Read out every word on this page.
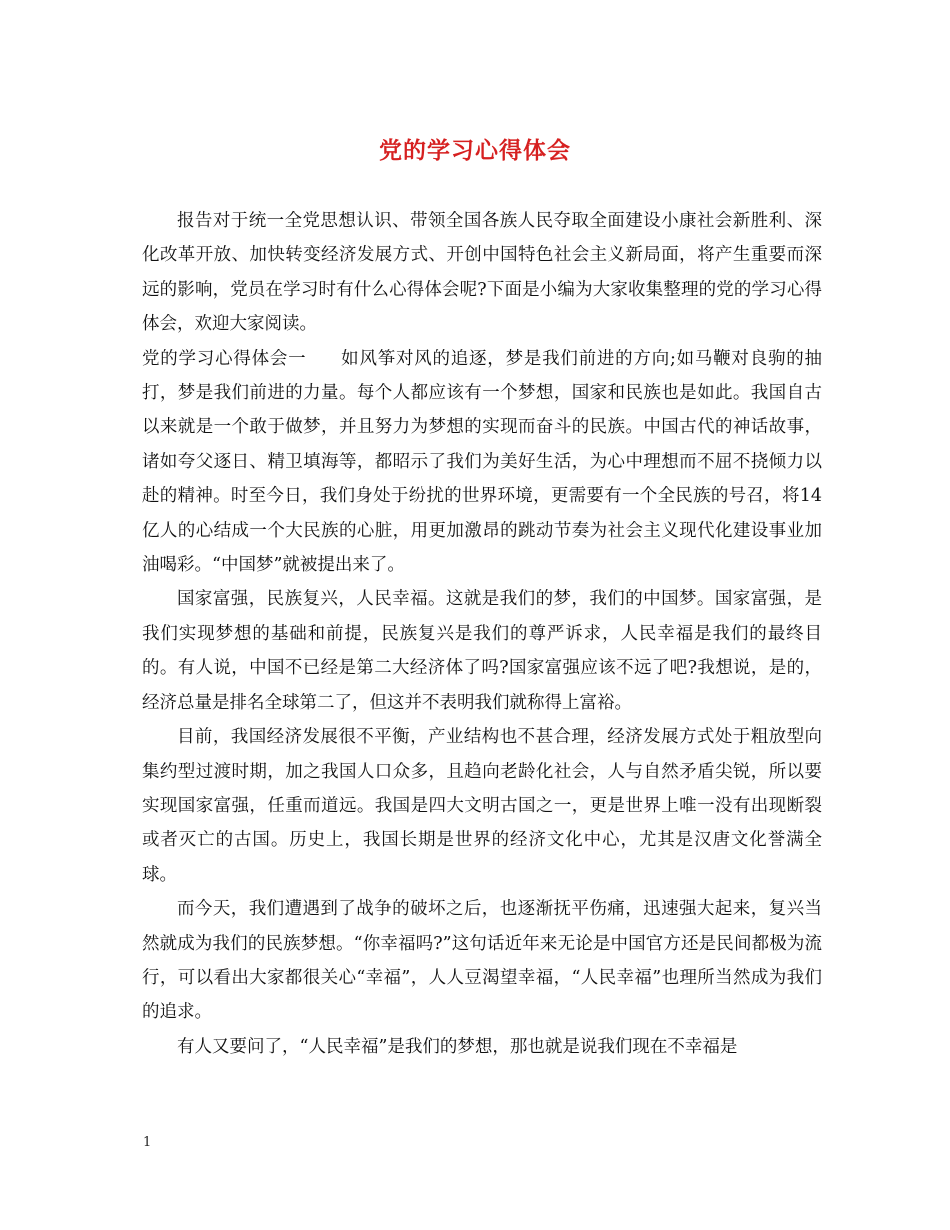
党的学习心得体会

报告对于统一全党思想认识、带领全国各族人民夺取全面建设小康社会新胜利、深化改革开放、加快转变经济发展方式、开创中国特色社会主义新局面，将产生重要而深远的影响，党员在学习时有什么心得体会呢?下面是小编为大家收集整理的党的学习心得体会，欢迎大家阅读。

党的学习心得体会一 如风筝对风的追逐，梦是我们前进的方向;如马鞭对良驹的抽打，梦是我们前进的力量。每个人都应该有一个梦想，国家和民族也是如此。我国自古以来就是一个敢于做梦，并且努力为梦想的实现而奋斗的民族。中国古代的神话故事，诸如夸父逐日、精卫填海等，都昭示了我们为美好生活，为心中理想而不屈不挠倾力以赴的精神。时至今日，我们身处于纷扰的世界环境，更需要有一个全民族的号召，将14亿人的心结成一个大民族的心脏，用更加激昂的跳动节奏为社会主义现代化建设事业加油喝彩。“中国梦”就被提出来了。

国家富强，民族复兴，人民幸福。这就是我们的梦，我们的中国梦。国家富强，是我们实现梦想的基础和前提，民族复兴是我们的尊严诉求，人民幸福是我们的最终目的。有人说，中国不已经是第二大经济体了吗?国家富强应该不远了吧?我想说，是的，经济总量是排名全球第二了，但这并不表明我们就称得上富裕。

目前，我国经济发展很不平衡，产业结构也不甚合理，经济发展方式处于粗放型向集约型过渡时期，加之我国人口众多，且趋向老龄化社会，人与自然矛盾尖锐，所以要实现国家富强，任重而道远。我国是四大文明古国之一，更是世界上唯一没有出现断裂或者灭亡的古国。历史上，我国长期是世界的经济文化中心，尤其是汉唐文化誉满全球。

而今天，我们遭遇到了战争的破坏之后，也逐渐抚平伤痛，迅速强大起来，复兴当然就成为我们的民族梦想。“你幸福吗?”这句话近年来无论是中国官方还是民间都极为流行，可以看出大家都很关心“幸福”，人人豆渴望幸福，“人民幸福”也理所当然成为我们的追求。

有人又要问了，“人民幸福”是我们的梦想，那也就是说我们现在不幸福是

1
